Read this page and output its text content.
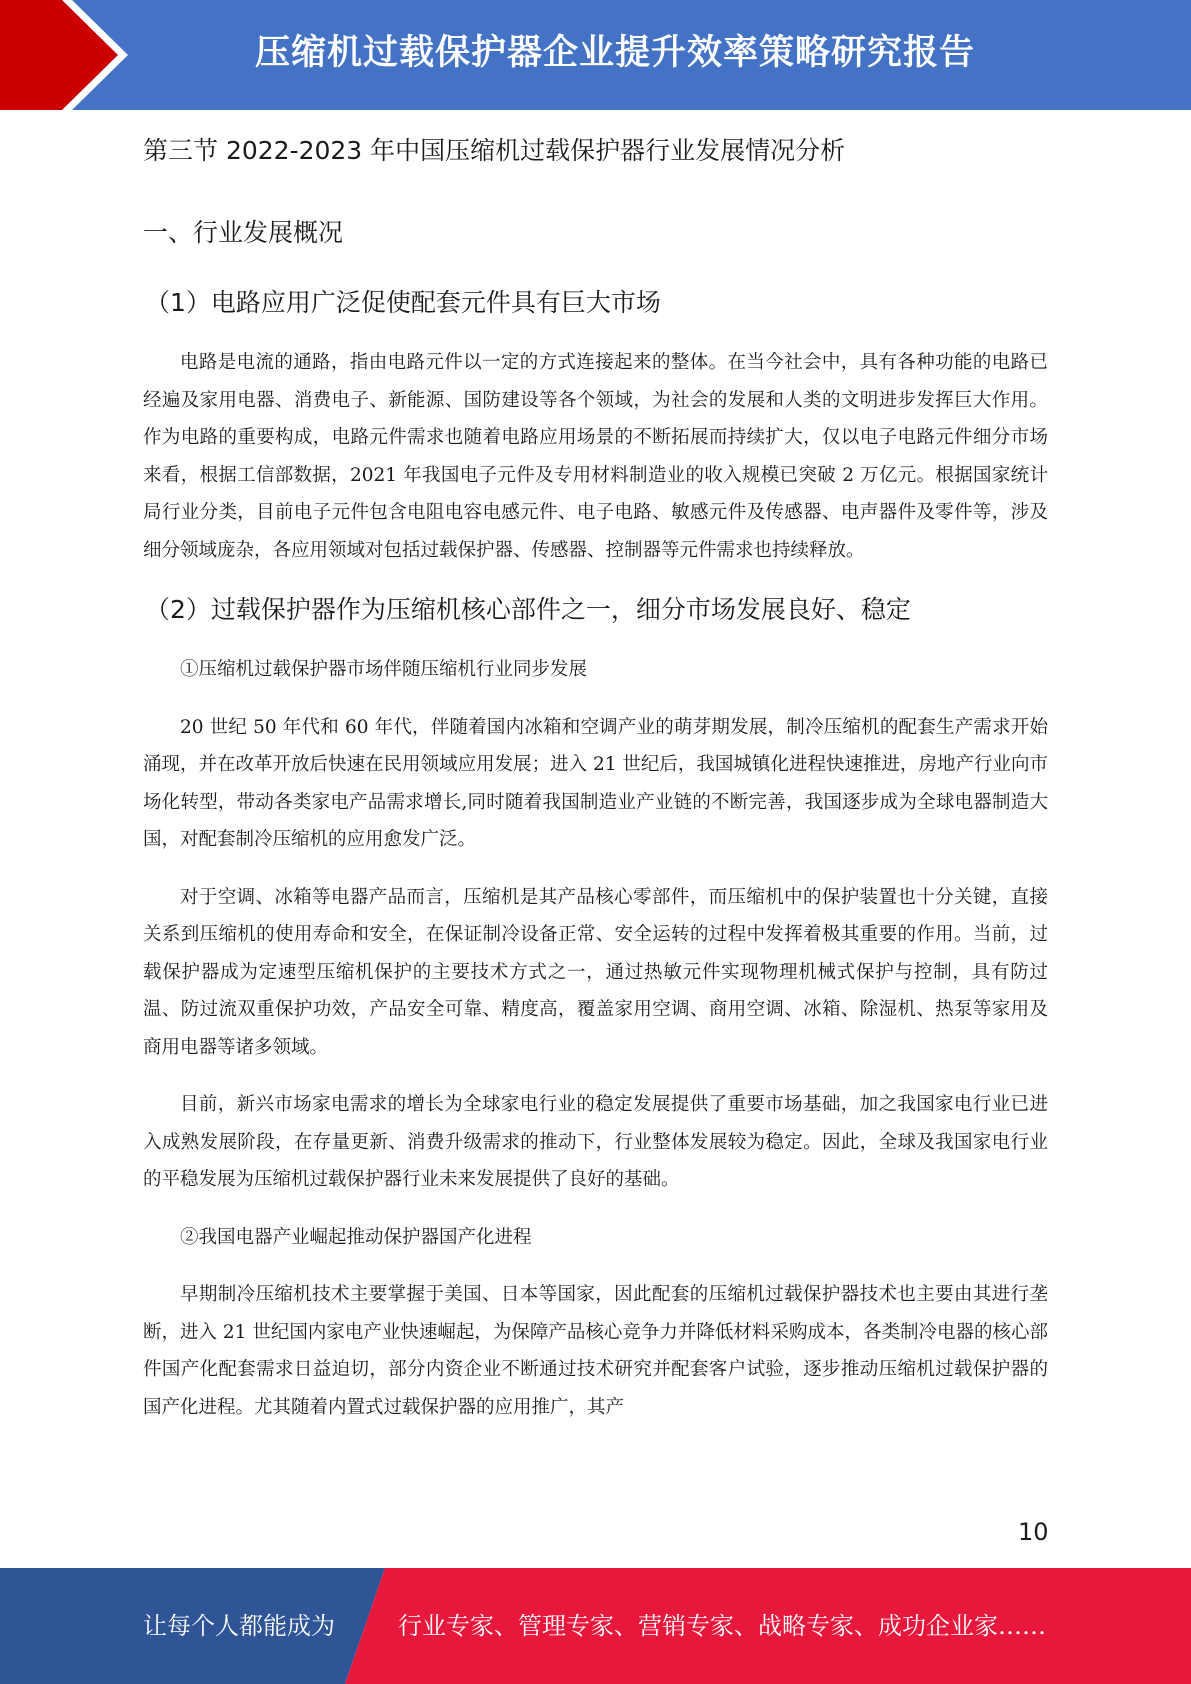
压缩机过载保护器企业提升效率策略研究报告
第三节 2022-2023 年中国压缩机过载保护器行业发展情况分析
一、行业发展概况
（1）电路应用广泛促使配套元件具有巨大市场

电路是电流的通路，指由电路元件以一定的方式连接起来的整体。在当今社会中，具有各种功能的电路已经遍及家用电器、消费电子、新能源、国防建设等各个领域，为社会的发展和人类的文明进步发挥巨大作用。作为电路的重要构成，电路元件需求也随着电路应用场景的不断拓展而持续扩大，仅以电子电路元件细分市场来看，根据工信部数据，2021 年我国电子元件及专用材料制造业的收入规模已突破 2 万亿元。根据国家统计局行业分类，目前电子元件包含电阻电容电感元件、电子电路、敏感元件及传感器、电声器件及零件等，涉及细分领域庞杂，各应用领域对包括过载保护器、传感器、控制器等元件需求也持续释放。

（2）过载保护器作为压缩机核心部件之一，细分市场发展良好、稳定

①压缩机过载保护器市场伴随压缩机行业同步发展

20 世纪 50 年代和 60 年代，伴随着国内冰箱和空调产业的萌芽期发展，制冷压缩机的配套生产需求开始涌现，并在改革开放后快速在民用领域应用发展；进入 21 世纪后，我国城镇化进程快速推进，房地产行业向市场化转型，带动各类家电产品需求增长,同时随着我国制造业产业链的不断完善，我国逐步成为全球电器制造大国，对配套制冷压缩机的应用愈发广泛。

对于空调、冰箱等电器产品而言，压缩机是其产品核心零部件，而压缩机中的保护装置也十分关键，直接关系到压缩机的使用寿命和安全，在保证制冷设备正常、安全运转的过程中发挥着极其重要的作用。当前，过载保护器成为定速型压缩机保护的主要技术方式之一，通过热敏元件实现物理机械式保护与控制，具有防过温、防过流双重保护功效，产品安全可靠、精度高，覆盖家用空调、商用空调、冰箱、除湿机、热泵等家用及商用电器等诸多领域。

目前，新兴市场家电需求的增长为全球家电行业的稳定发展提供了重要市场基础，加之我国家电行业已进入成熟发展阶段，在存量更新、消费升级需求的推动下，行业整体发展较为稳定。因此，全球及我国家电行业的平稳发展为压缩机过载保护器行业未来发展提供了良好的基础。

②我国电器产业崛起推动保护器国产化进程

早期制冷压缩机技术主要掌握于美国、日本等国家，因此配套的压缩机过载保护器技术也主要由其进行垄断，进入 21 世纪国内家电产业快速崛起，为保障产品核心竞争力并降低材料采购成本，各类制冷电器的核心部件国产化配套需求日益迫切，部分内资企业不断通过技术研究并配套客户试验，逐步推动压缩机过载保护器的国产化进程。尤其随着内置式过载保护器的应用推广，其产

10
让每个人都能成为	行业专家、管理专家、营销专家、战略专家、成功企业家……
